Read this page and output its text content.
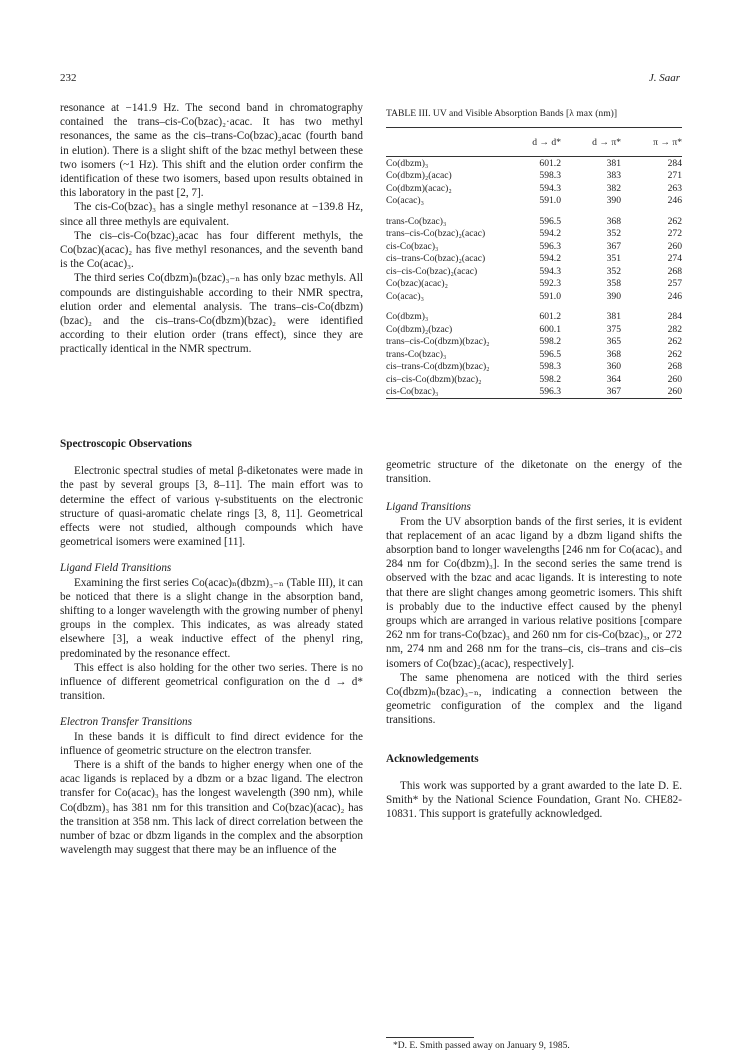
232	J. Saar

resonance at −141.9 Hz. The second band in chromatography contained the trans–cis-Co(bzac)₂·acac. It has two methyl resonances, the same as the cis–trans-Co(bzac)₂acac (fourth band in elution). There is a slight shift of the bzac methyl between these two isomers (~1 Hz). This shift and the elution order confirm the identification of these two isomers, based upon results obtained in this laboratory in the past [2, 7].

The cis-Co(bzac)₃ has a single methyl resonance at −139.8 Hz, since all three methyls are equivalent.

The cis–cis-Co(bzac)₂acac has four different methyls, the Co(bzac)(acac)₂ has five methyl resonances, and the seventh band is the Co(acac)₃.

The third series Co(dbzm)ₙ(bzac)₃₋ₙ has only bzac methyls. All compounds are distinguishable according to their NMR spectra, elution order and elemental analysis. The trans–cis-Co(dbzm)(bzac)₂ and the cis–trans-Co(dbzm)(bzac)₂ were identified according to their elution order (trans effect), since they are practically identical in the NMR spectrum.

Spectroscopic Observations

Electronic spectral studies of metal β-diketonates were made in the past by several groups [3, 8–11]. The main effort was to determine the effect of various γ-substituents on the electronic structure of quasi-aromatic chelate rings [3, 8, 11]. Geometrical effects were not studied, although compounds which have geometrical isomers were examined [11].

Ligand Field Transitions

Examining the first series Co(acac)ₙ(dbzm)₃₋ₙ (Table III), it can be noticed that there is a slight change in the absorption band, shifting to a longer wavelength with the growing number of phenyl groups in the complex. This indicates, as was already stated elsewhere [3], a weak inductive effect of the phenyl ring, predominated by the resonance effect.

This effect is also holding for the other two series. There is no influence of different geometrical configuration on the d → d* transition.

Electron Transfer Transitions

In these bands it is difficult to find direct evidence for the influence of geometric structure on the electron transfer.

There is a shift of the bands to higher energy when one of the acac ligands is replaced by a dbzm or a bzac ligand. The electron transfer for Co(acac)₃ has the longest wavelength (390 nm), while Co(dbzm)₃ has 381 nm for this transition and Co(bzac)(acac)₂ has the transition at 358 nm. This lack of direct correlation between the number of bzac or dbzm ligands in the complex and the absorption wavelength may suggest that there may be an influence of the

TABLE III. UV and Visible Absorption Bands [λ max (nm)]
	d → d*	d → π*	π → π*
Co(dbzm)₃	601.2	381	284
Co(dbzm)₂(acac)	598.3	383	271
Co(dbzm)(acac)₂	594.3	382	263
Co(acac)₃	591.0	390	246

trans-Co(bzac)₃	596.5	368	262
trans–cis-Co(bzac)₂(acac)	594.2	352	272
cis-Co(bzac)₃	596.3	367	260
cis–trans-Co(bzac)₂(acac)	594.2	351	274
cis–cis-Co(bzac)₂(acac)	594.3	352	268
Co(bzac)(acac)₂	592.3	358	257
Co(acac)₃	591.0	390	246

Co(dbzm)₃	601.2	381	284
Co(dbzm)₂(bzac)	600.1	375	282
trans–cis-Co(dbzm)(bzac)₂	598.2	365	262
trans-Co(bzac)₃	596.5	368	262
cis–trans-Co(dbzm)(bzac)₂	598.3	360	268
cis–cis-Co(dbzm)(bzac)₂	598.2	364	260
cis-Co(bzac)₃	596.3	367	260

geometric structure of the diketonate on the energy of the transition.

Ligand Transitions

From the UV absorption bands of the first series, it is evident that replacement of an acac ligand by a dbzm ligand shifts the absorption band to longer wavelengths [246 nm for Co(acac)₃ and 284 nm for Co(dbzm)₃]. In the second series the same trend is observed with the bzac and acac ligands. It is interesting to note that there are slight changes among geometric isomers. This shift is probably due to the inductive effect caused by the phenyl groups which are arranged in various relative positions [compare 262 nm for trans-Co(bzac)₃ and 260 nm for cis-Co(bzac)₃, or 272 nm, 274 nm and 268 nm for the trans–cis, cis–trans and cis–cis isomers of Co(bzac)₂(acac), respectively].

The same phenomena are noticed with the third series Co(dbzm)ₙ(bzac)₃₋ₙ, indicating a connection between the geometric configuration of the complex and the ligand transitions.

Acknowledgements

This work was supported by a grant awarded to the late D. E. Smith* by the National Science Foundation, Grant No. CHE82-10831. This support is gratefully acknowledged.

*D. E. Smith passed away on January 9, 1985.
